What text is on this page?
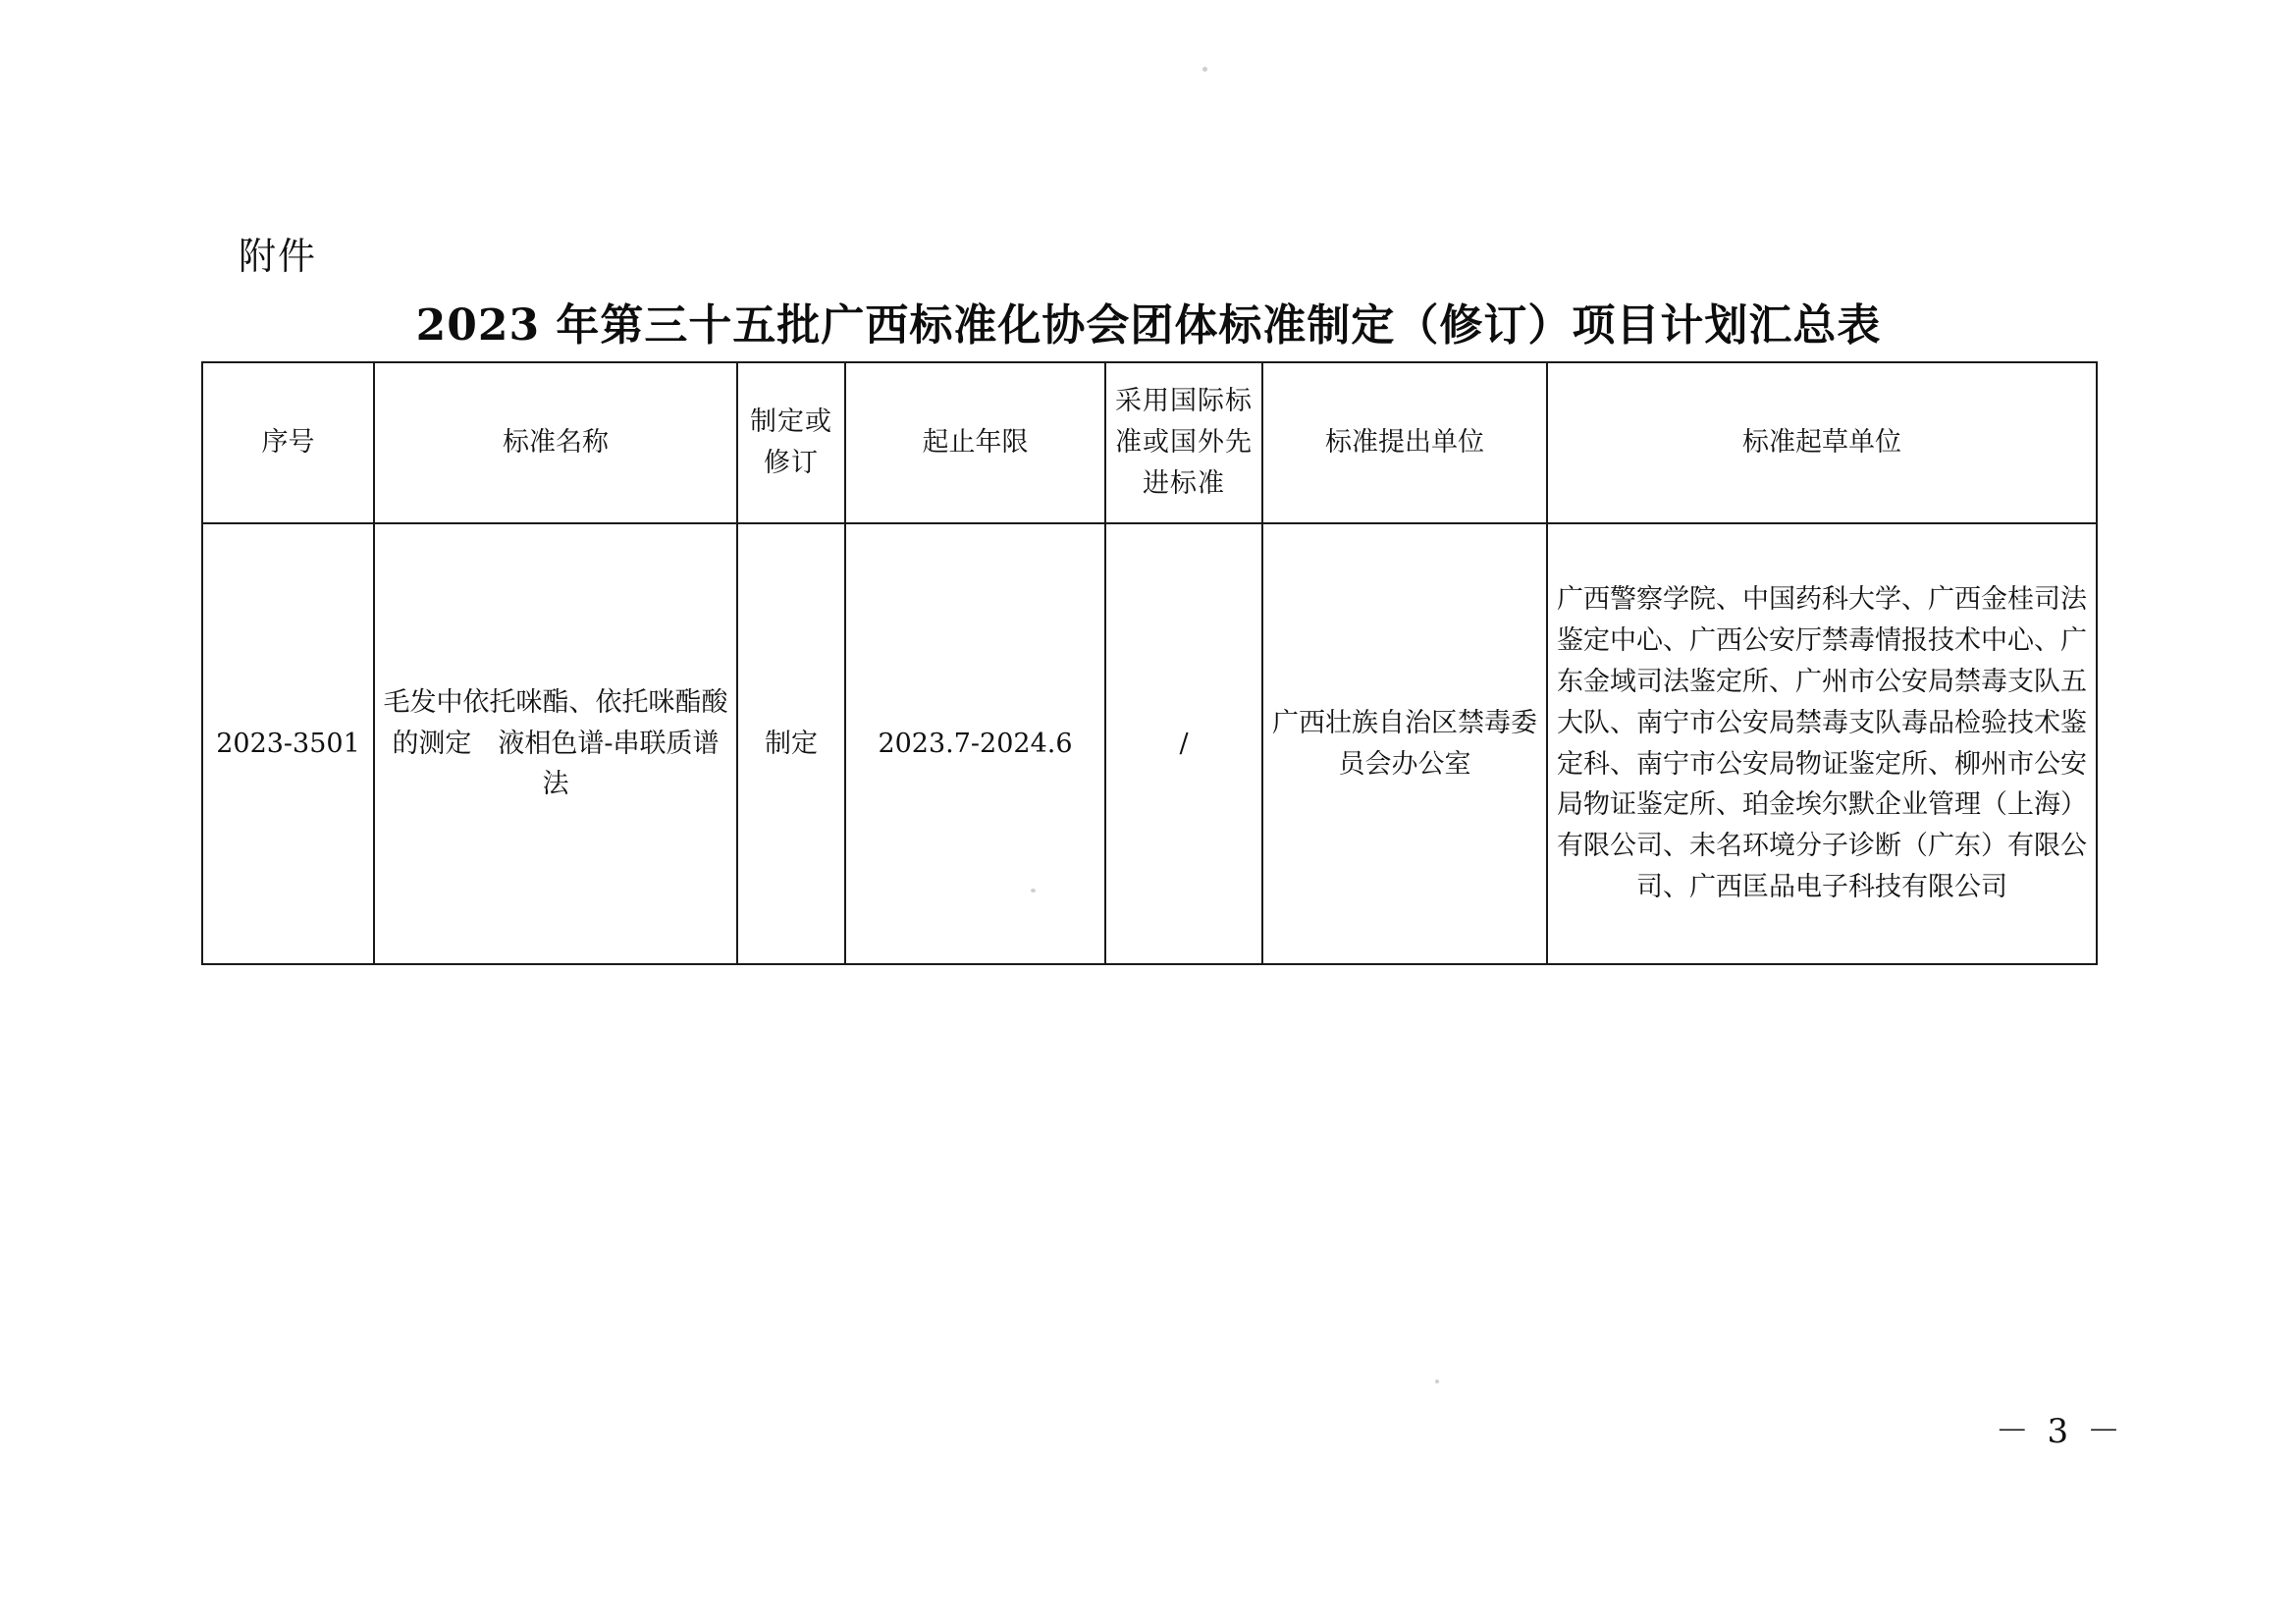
附件
2023 年第三十五批广西标准化协会团体标准制定（修订）项目计划汇总表
序号	标准名称	制定或修订	起止年限	采用国际标准或国外先进标准	标准提出单位	标准起草单位
2023-3501	毛发中依托咪酯、依托咪酯酸的测定　液相色谱-串联质谱法	制定	2023.7-2024.6	/	广西壮族自治区禁毒委员会办公室	广西警察学院、中国药科大学、广西金桂司法鉴定中心、广西公安厅禁毒情报技术中心、广东金域司法鉴定所、广州市公安局禁毒支队五大队、南宁市公安局禁毒支队毒品检验技术鉴定科、南宁市公安局物证鉴定所、柳州市公安局物证鉴定所、珀金埃尔默企业管理（上海）有限公司、未名环境分子诊断（广东）有限公司、广西匡品电子科技有限公司
－ 3 －
